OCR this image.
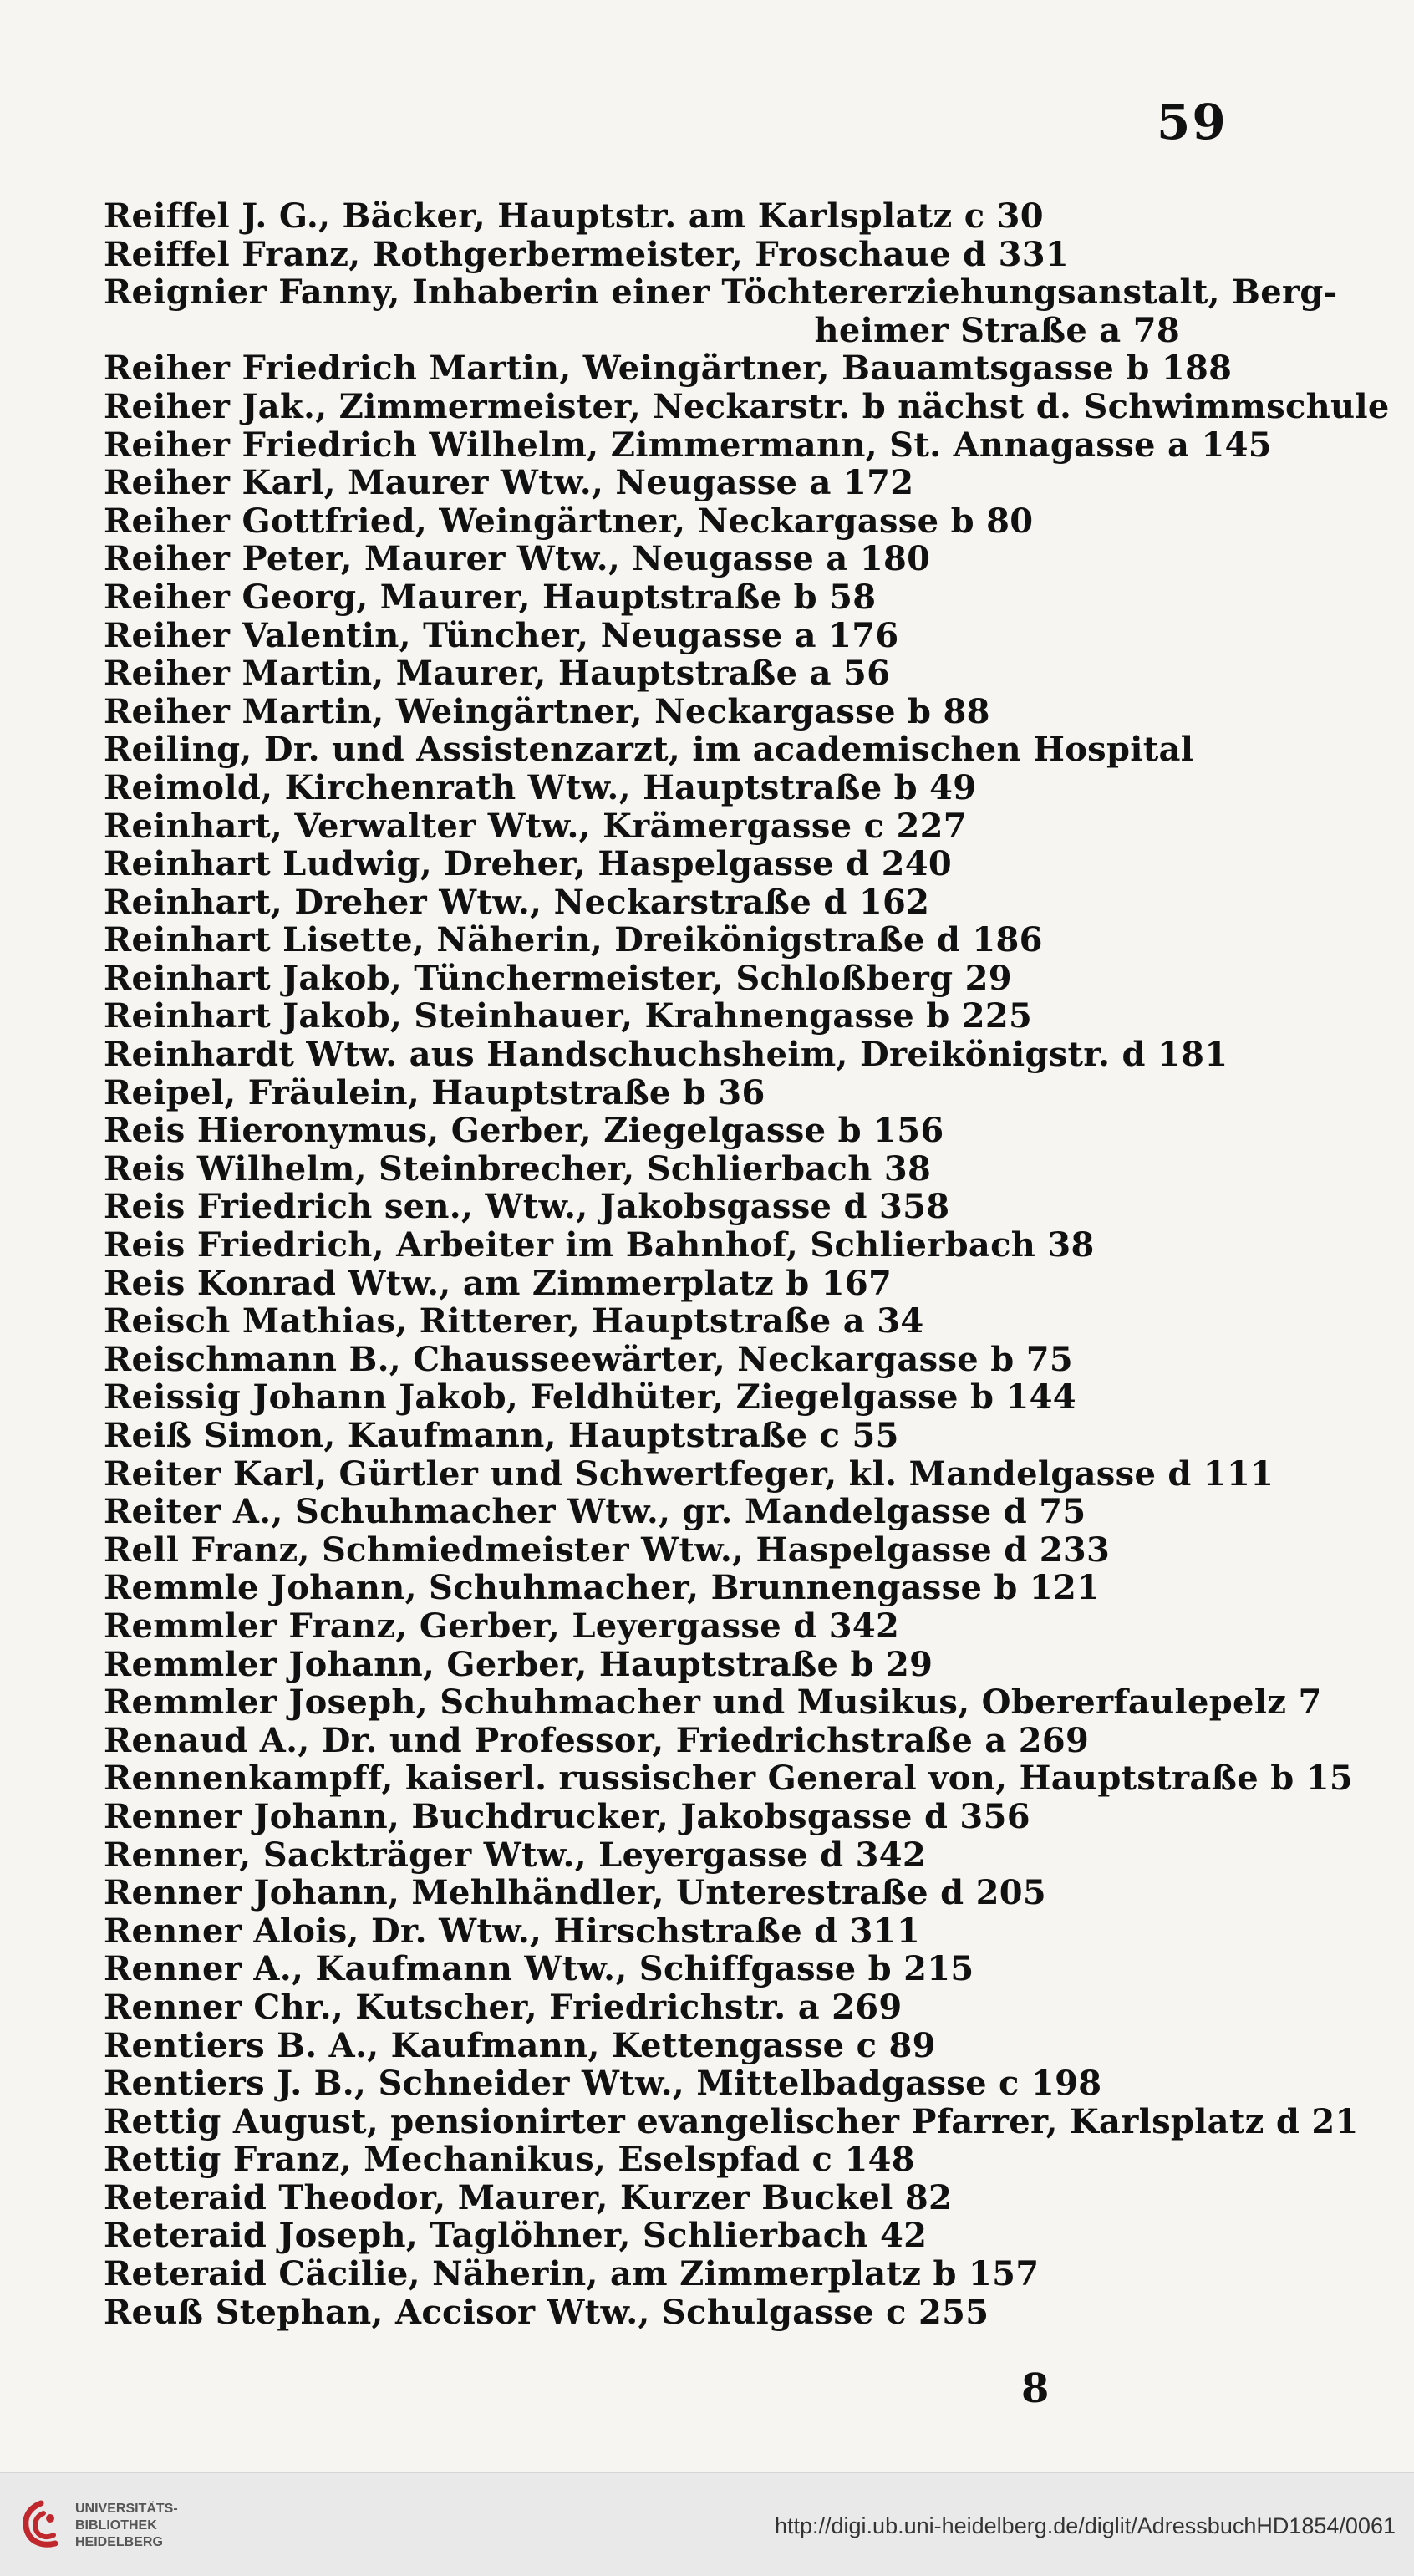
59
Reiffel J. G., Bäcker, Hauptstr. am Karlsplatz c 30
Reiffel Franz, Rothgerbermeister, Froschaue d 331
Reignier Fanny, Inhaberin einer Töchtererziehungsanstalt, Berg-
heimer Straße a 78
Reiher Friedrich Martin, Weingärtner, Bauamtsgasse b 188
Reiher Jak., Zimmermeister, Neckarstr. b nächst d. Schwimmschule
Reiher Friedrich Wilhelm, Zimmermann, St. Annagasse a 145
Reiher Karl, Maurer Wtw., Neugasse a 172
Reiher Gottfried, Weingärtner, Neckargasse b 80
Reiher Peter, Maurer Wtw., Neugasse a 180
Reiher Georg, Maurer, Hauptstraße b 58
Reiher Valentin, Tüncher, Neugasse a 176
Reiher Martin, Maurer, Hauptstraße a 56
Reiher Martin, Weingärtner, Neckargasse b 88
Reiling, Dr. und Assistenzarzt, im academischen Hospital
Reimold, Kirchenrath Wtw., Hauptstraße b 49
Reinhart, Verwalter Wtw., Krämergasse c 227
Reinhart Ludwig, Dreher, Haspelgasse d 240
Reinhart, Dreher Wtw., Neckarstraße d 162
Reinhart Lisette, Näherin, Dreikönigstraße d 186
Reinhart Jakob, Tünchermeister, Schloßberg 29
Reinhart Jakob, Steinhauer, Krahnengasse b 225
Reinhardt Wtw. aus Handschuchsheim, Dreikönigstr. d 181
Reipel, Fräulein, Hauptstraße b 36
Reis Hieronymus, Gerber, Ziegelgasse b 156
Reis Wilhelm, Steinbrecher, Schlierbach 38
Reis Friedrich sen., Wtw., Jakobsgasse d 358
Reis Friedrich, Arbeiter im Bahnhof, Schlierbach 38
Reis Konrad Wtw., am Zimmerplatz b 167
Reisch Mathias, Ritterer, Hauptstraße a 34
Reischmann B., Chausseewärter, Neckargasse b 75
Reissig Johann Jakob, Feldhüter, Ziegelgasse b 144
Reiß Simon, Kaufmann, Hauptstraße c 55
Reiter Karl, Gürtler und Schwertfeger, kl. Mandelgasse d 111
Reiter A., Schuhmacher Wtw., gr. Mandelgasse d 75
Rell Franz, Schmiedmeister Wtw., Haspelgasse d 233
Remmle Johann, Schuhmacher, Brunnengasse b 121
Remmler Franz, Gerber, Leyergasse d 342
Remmler Johann, Gerber, Hauptstraße b 29
Remmler Joseph, Schuhmacher und Musikus, Obererfaulepelz 7
Renaud A., Dr. und Professor, Friedrichstraße a 269
Rennenkampff, kaiserl. russischer General von, Hauptstraße b 15
Renner Johann, Buchdrucker, Jakobsgasse d 356
Renner, Sackträger Wtw., Leyergasse d 342
Renner Johann, Mehlhändler, Unterestraße d 205
Renner Alois, Dr. Wtw., Hirschstraße d 311
Renner A., Kaufmann Wtw., Schiffgasse b 215
Renner Chr., Kutscher, Friedrichstr. a 269
Rentiers B. A., Kaufmann, Kettengasse c 89
Rentiers J. B., Schneider Wtw., Mittelbadgasse c 198
Rettig August, pensionirter evangelischer Pfarrer, Karlsplatz d 21
Rettig Franz, Mechanikus, Eselspfad c 148
Reteraid Theodor, Maurer, Kurzer Buckel 82
Reteraid Joseph, Taglöhner, Schlierbach 42
Reteraid Cäcilie, Näherin, am Zimmerplatz b 157
Reuß Stephan, Accisor Wtw., Schulgasse c 255
8
UNIVERSITÄTS-
BIBLIOTHEK
HEIDELBERG
http://digi.ub.uni-heidelberg.de/diglit/AdressbuchHD1854/0061
